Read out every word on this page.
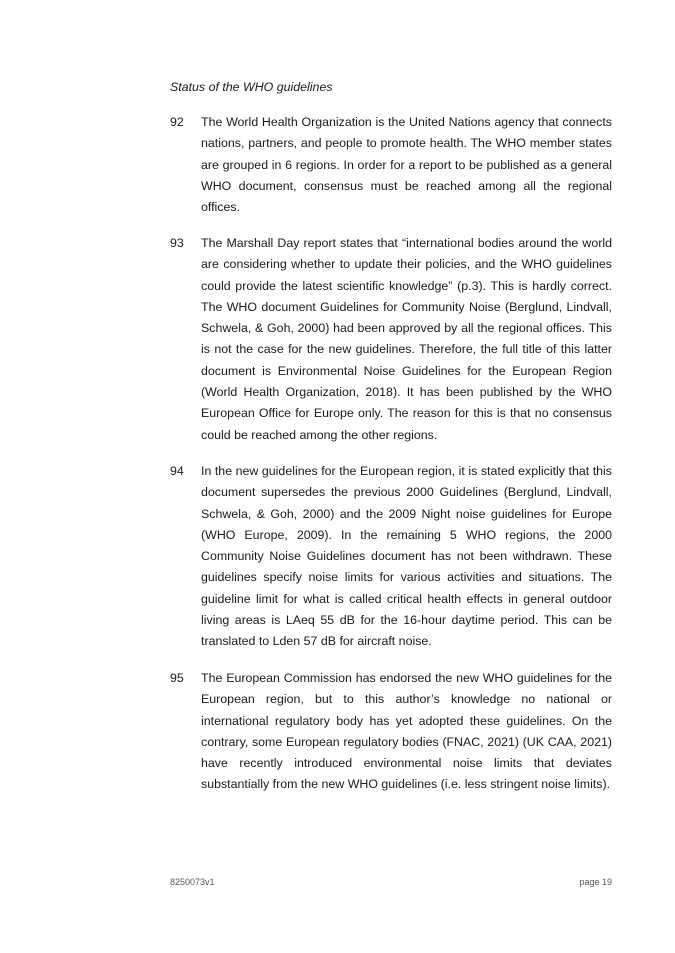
Status of the WHO guidelines
92	The World Health Organization is the United Nations agency that connects nations, partners, and people to promote health. The WHO member states are grouped in 6 regions. In order for a report to be published as a general WHO document, consensus must be reached among all the regional offices.
93	The Marshall Day report states that “international bodies around the world are considering whether to update their policies, and the WHO guidelines could provide the latest scientific knowledge” (p.3). This is hardly correct. The WHO document Guidelines for Community Noise (Berglund, Lindvall, Schwela, & Goh, 2000) had been approved by all the regional offices. This is not the case for the new guidelines. Therefore, the full title of this latter document is Environmental Noise Guidelines for the European Region (World Health Organization, 2018). It has been published by the WHO European Office for Europe only. The reason for this is that no consensus could be reached among the other regions.
94	In the new guidelines for the European region, it is stated explicitly that this document supersedes the previous 2000 Guidelines (Berglund, Lindvall, Schwela, & Goh, 2000) and the 2009 Night noise guidelines for Europe (WHO Europe, 2009). In the remaining 5 WHO regions, the 2000 Community Noise Guidelines document has not been withdrawn. These guidelines specify noise limits for various activities and situations. The guideline limit for what is called critical health effects in general outdoor living areas is LAeq 55 dB for the 16-hour daytime period. This can be translated to Lden 57 dB for aircraft noise.
95	The European Commission has endorsed the new WHO guidelines for the European region, but to this author’s knowledge no national or international regulatory body has yet adopted these guidelines. On the contrary, some European regulatory bodies (FNAC, 2021) (UK CAA, 2021) have recently introduced environmental noise limits that deviates substantially from the new WHO guidelines (i.e. less stringent noise limits).
8250073v1	page 19
